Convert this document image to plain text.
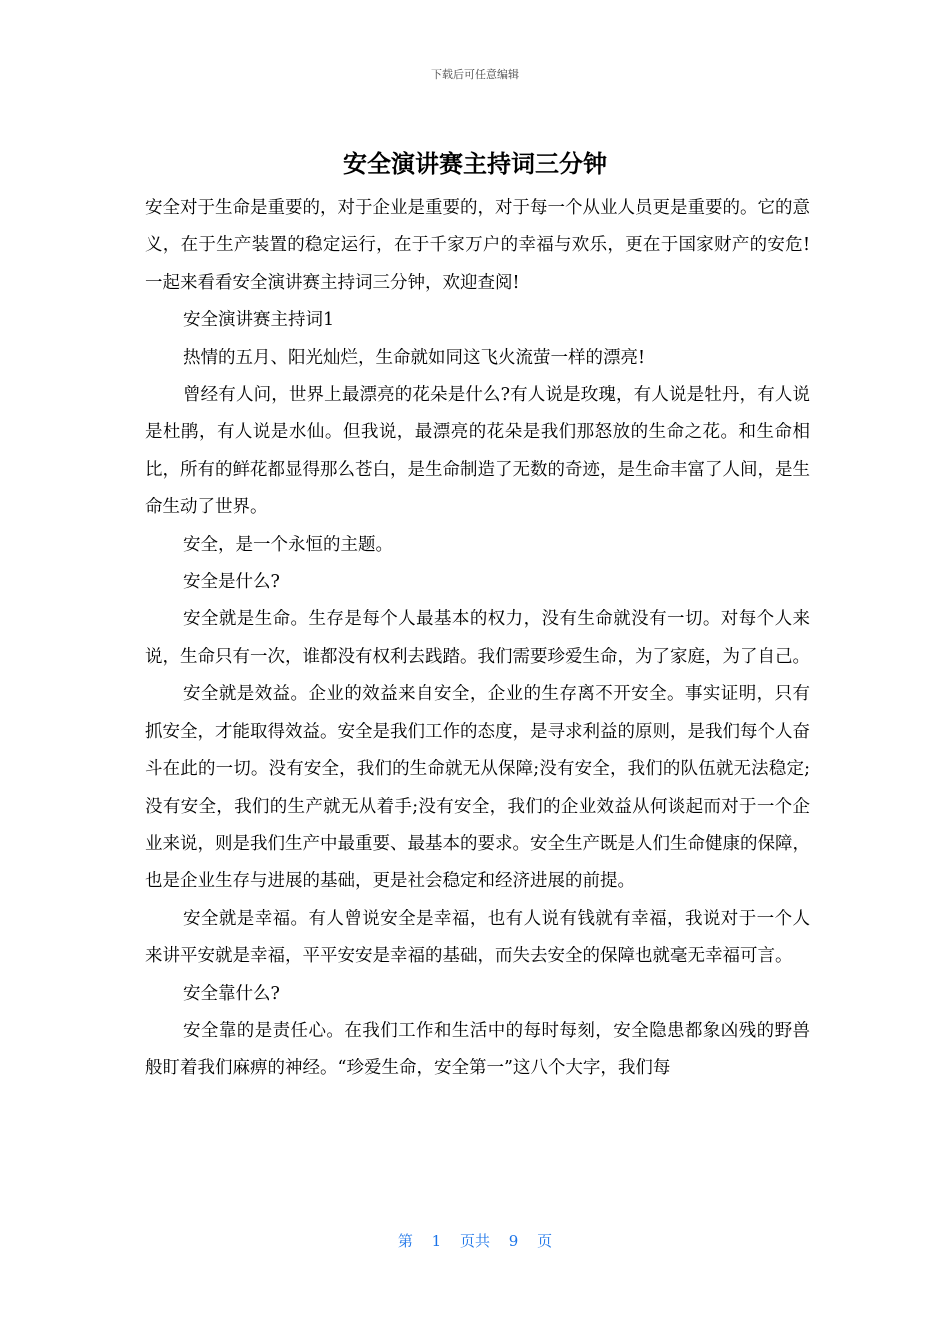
下载后可任意编辑
安全演讲赛主持词三分钟

安全对于生命是重要的，对于企业是重要的，对于每一个从业人员更是重要的。它的意义，在于生产装置的稳定运行，在于千家万户的幸福与欢乐，更在于国家财产的安危!一起来看看安全演讲赛主持词三分钟，欢迎查阅!

安全演讲赛主持词1

热情的五月、阳光灿烂，生命就如同这飞火流萤一样的漂亮!

曾经有人问，世界上最漂亮的花朵是什么?有人说是玫瑰，有人说是牡丹，有人说是杜鹃，有人说是水仙。但我说，最漂亮的花朵是我们那怒放的生命之花。和生命相比，所有的鲜花都显得那么苍白，是生命制造了无数的奇迹，是生命丰富了人间，是生命生动了世界。

安全，是一个永恒的主题。

安全是什么?

安全就是生命。生存是每个人最基本的权力，没有生命就没有一切。对每个人来说，生命只有一次，谁都没有权利去践踏。我们需要珍爱生命，为了家庭，为了自己。

安全就是效益。企业的效益来自安全，企业的生存离不开安全。事实证明，只有抓安全，才能取得效益。安全是我们工作的态度，是寻求利益的原则，是我们每个人奋斗在此的一切。没有安全，我们的生命就无从保障;没有安全，我们的队伍就无法稳定;没有安全，我们的生产就无从着手;没有安全，我们的企业效益从何谈起而对于一个企业来说，则是我们生产中最重要、最基本的要求。安全生产既是人们生命健康的保障，也是企业生存与进展的基础，更是社会稳定和经济进展的前提。

安全就是幸福。有人曾说安全是幸福，也有人说有钱就有幸福，我说对于一个人来讲平安就是幸福，平平安安是幸福的基础，而失去安全的保障也就毫无幸福可言。

安全靠什么?

安全靠的是责任心。在我们工作和生活中的每时每刻，安全隐患都象凶残的野兽般盯着我们麻痹的神经。“珍爱生命，安全第一”这八个大字，我们每

第 1 页共 9 页
